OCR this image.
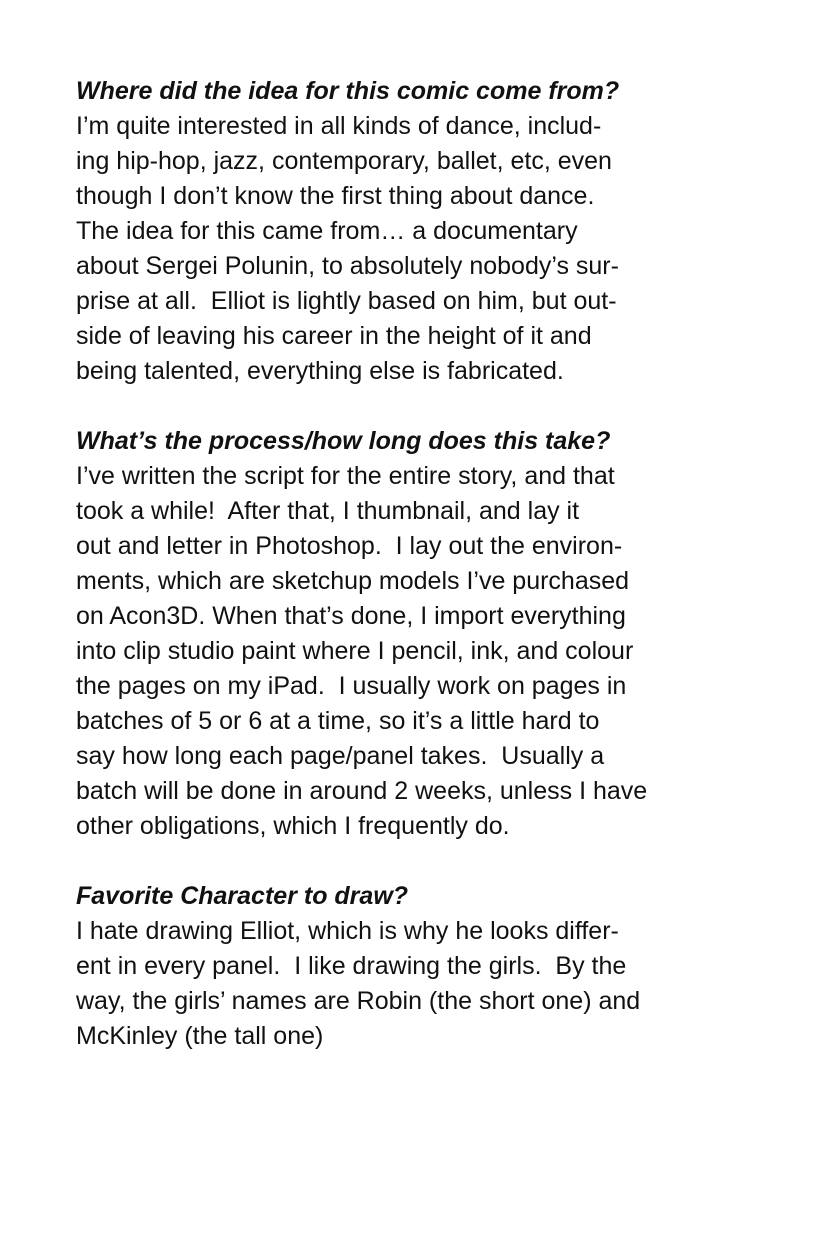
Where did the idea for this comic come from?

I’m quite interested in all kinds of dance, includ-
ing hip-hop, jazz, contemporary, ballet, etc, even
though I don’t know the first thing about dance.
The idea for this came from… a documentary
about Sergei Polunin, to absolutely nobody’s sur-
prise at all.  Elliot is lightly based on him, but out-
side of leaving his career in the height of it and
being talented, everything else is fabricated.

What’s the process/how long does this take?

I’ve written the script for the entire story, and that
took a while!  After that, I thumbnail, and lay it
out and letter in Photoshop.  I lay out the environ-
ments, which are sketchup models I’ve purchased
on Acon3D. When that’s done, I import everything
into clip studio paint where I pencil, ink, and colour
the pages on my iPad.  I usually work on pages in
batches of 5 or 6 at a time, so it’s a little hard to
say how long each page/panel takes.  Usually a
batch will be done in around 2 weeks, unless I have
other obligations, which I frequently do.

Favorite Character to draw?

I hate drawing Elliot, which is why he looks differ-
ent in every panel.  I like drawing the girls.  By the
way, the girls’ names are Robin (the short one) and
McKinley (the tall one)
